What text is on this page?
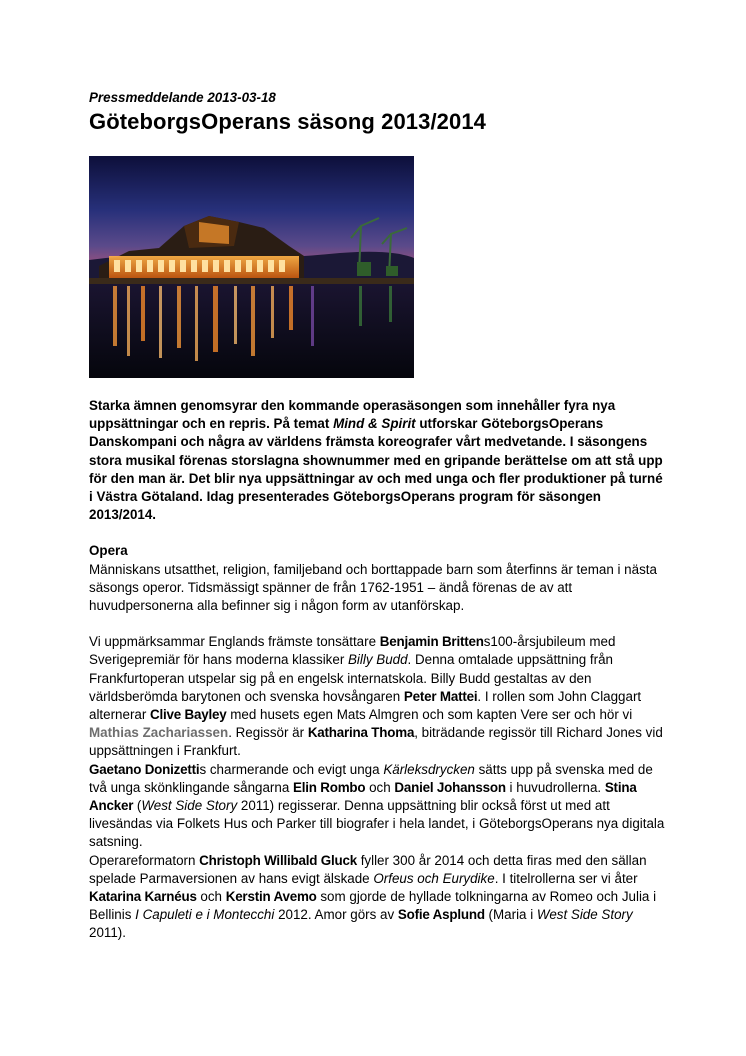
Pressmeddelande 2013-03-18

GöteborgsOperans säsong 2013/2014

Starka ämnen genomsyrar den kommande operasäsongen som innehåller fyra nya uppsättningar och en repris. På temat Mind & Spirit utforskar GöteborgsOperans Danskompani och några av världens främsta koreografer vårt medvetande. I säsongens stora musikal förenas storslagna shownummer med en gripande berättelse om att stå upp för den man är. Det blir nya uppsättningar av och med unga och fler produktioner på turné i Västra Götaland. Idag presenterades GöteborgsOperans program för säsongen 2013/2014.

Opera

Människans utsatthet, religion, familjeband och borttappade barn som återfinns är teman i nästa säsongs operor. Tidsmässigt spänner de från 1762-1951 – ändå förenas de av att huvudpersonerna alla befinner sig i någon form av utanförskap.

Vi uppmärksammar Englands främste tonsättare Benjamin Brittens100-årsjubileum med Sverigepremiär för hans moderna klassiker Billy Budd. Denna omtalade uppsättning från Frankfurtoperan utspelar sig på en engelsk internatskola. Billy Budd gestaltas av den världsberömda barytonen och svenska hovsångaren Peter Mattei. I rollen som John Claggart alternerar Clive Bayley med husets egen Mats Almgren och som kapten Vere ser och hör vi Mathias Zachariassen. Regissör är Katharina Thoma, biträdande regissör till Richard Jones vid uppsättningen i Frankfurt.

Gaetano Donizettis charmerande och evigt unga Kärleksdrycken sätts upp på svenska med de två unga skönklingande sångarna Elin Rombo och Daniel Johansson i huvudrollerna. Stina Ancker (West Side Story 2011) regisserar. Denna uppsättning blir också först ut med att livesändas via Folkets Hus och Parker till biografer i hela landet, i GöteborgsOperans nya digitala satsning.

Operareformatorn Christoph Willibald Gluck fyller 300 år 2014 och detta firas med den sällan spelade Parmaversionen av hans evigt älskade Orfeus och Eurydike. I titelrollerna ser vi åter Katarina Karnéus och Kerstin Avemo som gjorde de hyllade tolkningarna av Romeo och Julia i Bellinis I Capuleti e i Montecchi 2012. Amor görs av Sofie Asplund (Maria i West Side Story 2011).
